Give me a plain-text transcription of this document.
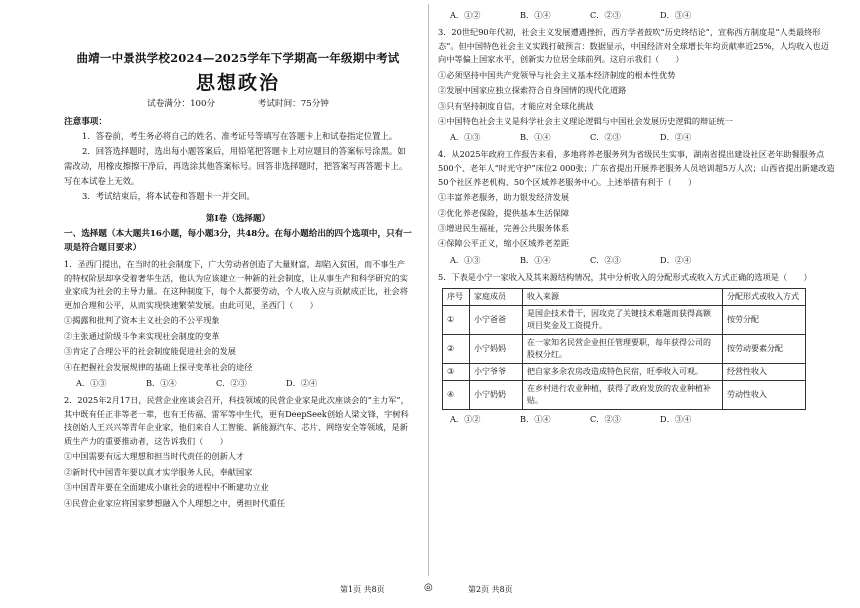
曲靖一中景洪学校2024—2025学年下学期高一年级期中考试
思想政治
试卷满分：100分	考试时间：75分钟
注意事项：

1．答卷前，考生务必将自己的姓名、准考证号等填写在答题卡上和试卷指定位置上。

2．回答选择题时，选出每小题答案后，用铅笔把答题卡上对应题目的答案标号涂黑。如需改动，用橡皮擦擦干净后，再选涂其他答案标号。回答非选择题时，把答案写再答题卡上。写在本试卷上无效。

3．考试结束后，将本试卷和答题卡一并交回。

第Ⅰ卷（选择题）
一、选择题（本大题共16小题，每小题3分，共48分。在每小题给出的四个选项中，只有一项是符合题目要求）

1．圣西门提出，在当时的社会制度下，广大劳动者创造了大量财富，却陷入贫困，而不事生产的特权阶层却享受着奢华生活，他认为应该建立一种新的社会制度，让从事生产和科学研究的实业家成为社会的主导力量。在这种制度下，每个人都要劳动，个人收入应与贡献成正比，社会将更加合理和公平，从而实现快速繁荣发展。由此可见，圣西门（　　）

①揭露和批判了资本主义社会的不公平现象

②主张通过阶级斗争来实现社会制度的变革

③肯定了合理公平的社会制度能促进社会的发展

④在把握社会发展规律的基础上探寻变革社会的途径

A．①③	B．①④	C．②③	D．②④

2．2025年2月17日，民营企业座谈会召开，科技领域的民营企业家是此次座谈会的“主力军”，其中既有任正非等老一辈，也有王传福、雷军等中生代，更有DeepSeek创始人梁文锋，宇树科技创始人王兴兴等青年企业家，他们来自人工智能、新能源汽车、芯片、网络安全等领域，是新质生产力的重要推动者，这告诉我们（　　）

①中国需要有远大理想和担当时代责任的创新人才

②新时代中国青年要以真才实学服务人民，奉献国家

③中国青年要在全面建成小康社会的进程中不断建功立业

④民营企业家应将国家梦想融入个人理想之中，勇担时代重任

A．①②	B．①④	C．②③	D．③④

3．20世纪90年代初，社会主义发展遭遇挫折，西方学者鼓吹“历史终结论”，宣称西方制度是“人类最终形态”。但中国特色社会主义实践打破预言：数据显示，中国经济对全球增长年均贡献率近25%，人均收入也迈向中等偏上国家水平，创新实力位居全球前列。这启示我们（　　）

①必须坚持中国共产党领导与社会主义基本经济制度的根本性优势

②发展中国家应独立探索符合自身国情的现代化道路

③只有坚持制度自信，才能应对全球化挑战

④中国特色社会主义是科学社会主义理论逻辑与中国社会发展历史逻辑的辩证统一

A．①③	B．①④	C．②③	D．②④

4．从2025年政府工作报告来看，多地将养老服务列为省级民生实事，湖南省提出建设社区老年助餐服务点500个、老年人“时光守护”床位2 000张；广东省提出开展养老服务人员培训超5万人次；山西省提出新建改造50个社区养老机构、50个区域养老服务中心。上述举措有利于（　　）

①丰富养老服务，助力银发经济发展

②优化养老保险，提供基本生活保障

③增进民生福祉，完善公共服务体系

④保障公平正义，缩小区域养老差距

A．①③	B．①④	C．②③	D．②④

5．下表是小宁一家收入及其来源结构情况，其中分析收入的分配形式或收入方式正确的选项是（　　）

序号	家庭成员	收入来源	分配形式或收入方式
①	小宁爸爸	是国企技术骨干，因攻克了关键技术难题而获得高额项目奖金及工资提升。	按劳分配
②	小宁妈妈	在一家知名民营企业担任管理要职，每年获得公司的股权分红。	按劳动要素分配
③	小宁爷爷	把自家多余农房改造成特色民宿，旺季收入可观。	经营性收入
④	小宁奶奶	在乡村进行农业种植，获得了政府发放的农业种植补贴。	劳动性收入
A．①②	B．①④	C．②③	D．③④
第1页 共8页	◎	第2页 共8页
